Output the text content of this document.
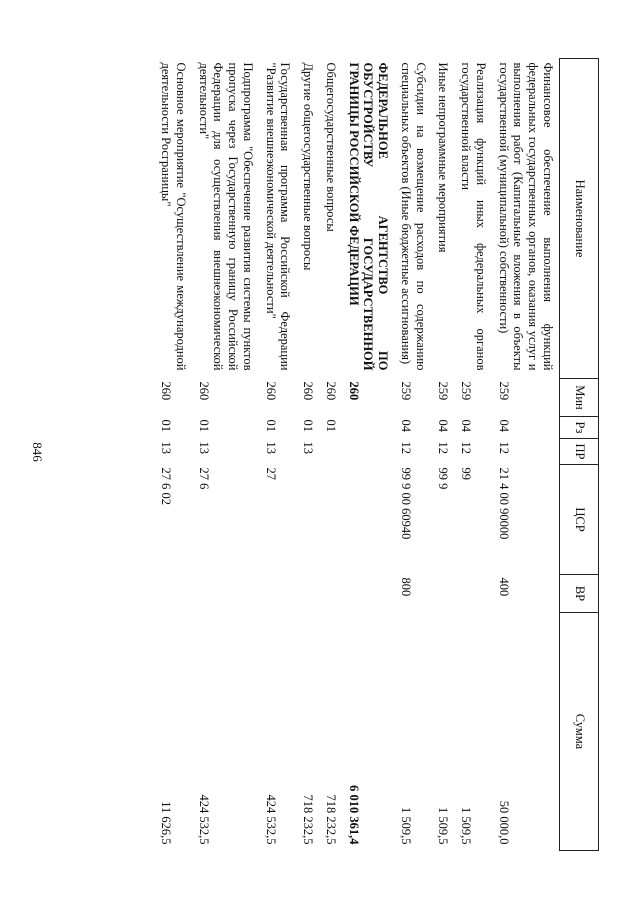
846
Наименование	Мин	Рз	ПР	ЦСР	ВР	Сумма
Финансовое обеспечение выполнения функций федеральных государственных органов, оказания услуг и выполнения работ (Капитальные вложения в объекты государственной (муниципальной) собственности)	259	04	12	21 4 00 90000	400	50 000,0
Реализация функций иных федеральных органов государственной власти	259	04	12	99		1 509,5
Иные непрограммные мероприятия	259	04	12	99 9		1 509,5
Субсидии на возмещение расходов по содержанию специальных объектов (Иные бюджетные ассигнования)	259	04	12	99 9 00 60940	800	1 509,5
ФЕДЕРАЛЬНОЕ АГЕНТСТВО ПО ОБУСТРОЙСТВУ ГОСУДАРСТВЕННОЙ ГРАНИЦЫ РОССИЙСКОЙ ФЕДЕРАЦИИ	260					6 010 361,4
Общегосударственные вопросы	260	01				718 232,5
Другие общегосударственные вопросы	260	01	13			718 232,5
Государственная программа Российской Федерации "Развитие внешнеэкономической деятельности"	260	01	13	27		424 532,5
Подпрограмма "Обеспечение развития системы пунктов пропуска через Государственную границу Российской Федерации для осуществления внешнеэкономической деятельности"	260	01	13	27 6		424 532,5
Основное мероприятие "Осуществление международной деятельности Росграницы"	260	01	13	27 6 02		11 626,5
